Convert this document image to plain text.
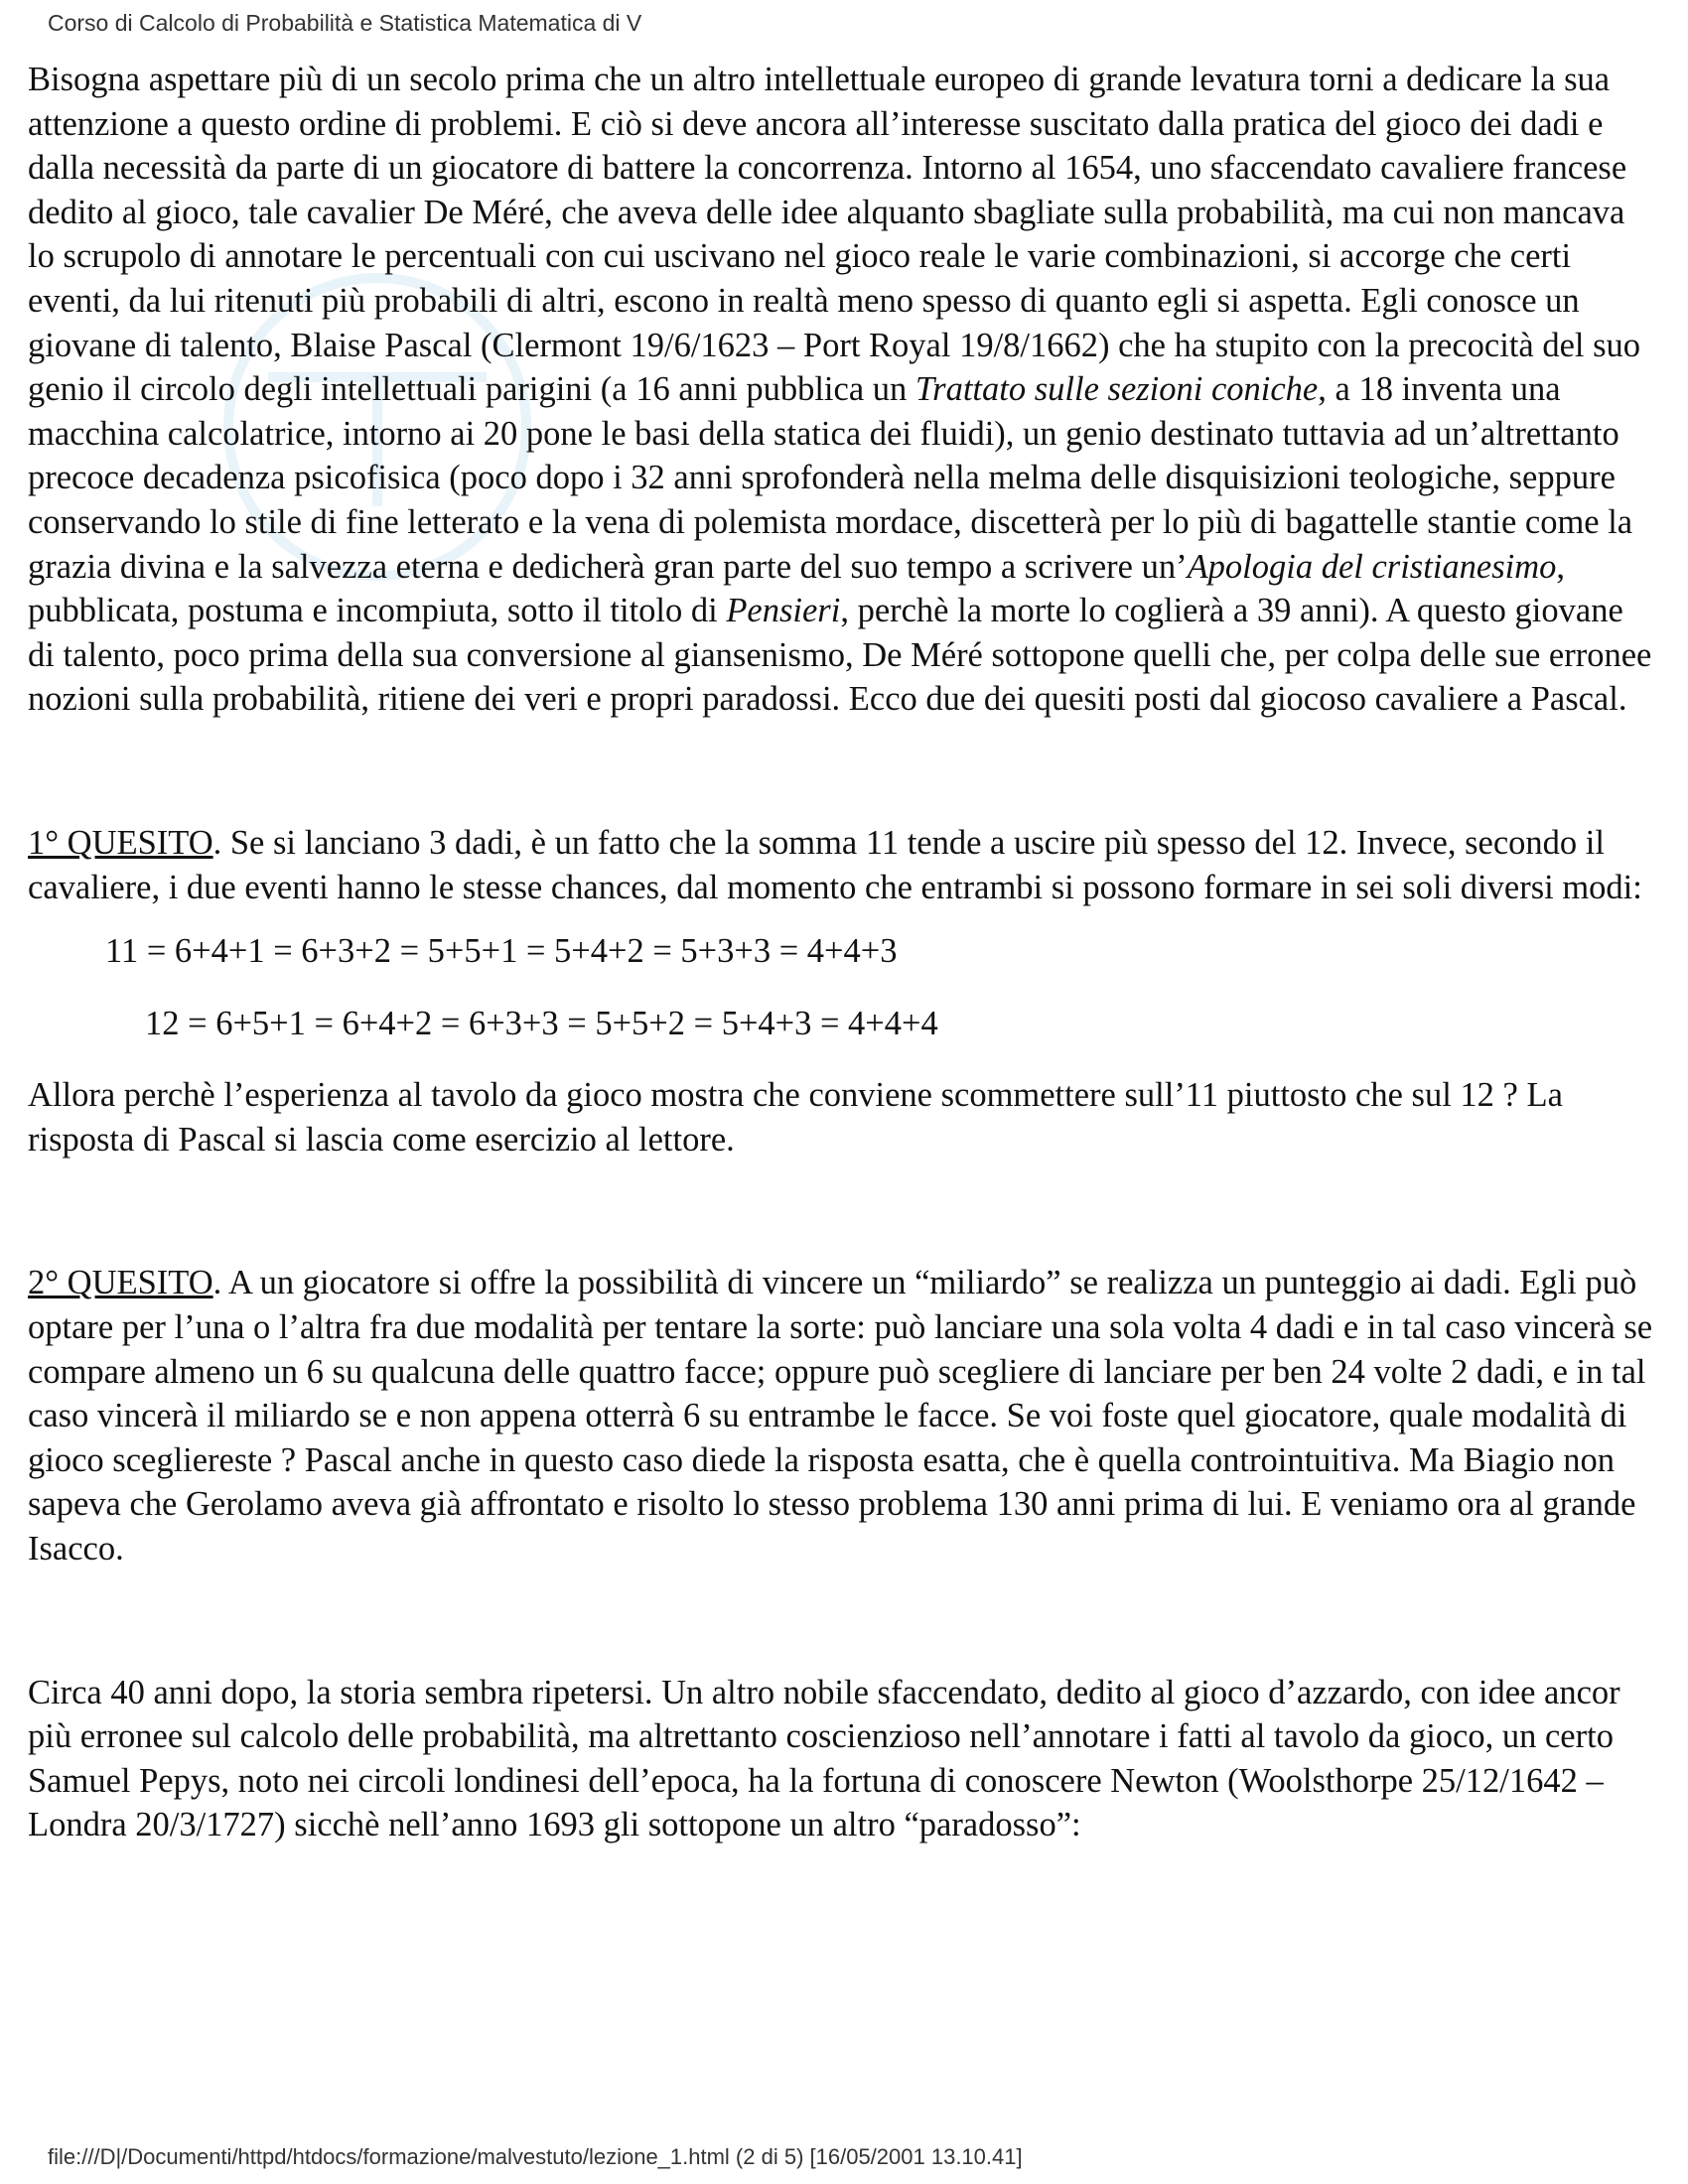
Corso di Calcolo di Probabilità e Statistica Matematica di V

Bisogna aspettare più di un secolo prima che un altro intellettuale europeo di grande levatura torni a dedicare la sua attenzione a questo ordine di problemi. E ciò si deve ancora all’interesse suscitato dalla pratica del gioco dei dadi e dalla necessità da parte di un giocatore di battere la concorrenza. Intorno al 1654, uno sfaccendato cavaliere francese dedito al gioco, tale cavalier De Méré, che aveva delle idee alquanto sbagliate sulla probabilità, ma cui non mancava lo scrupolo di annotare le percentuali con cui uscivano nel gioco reale le varie combinazioni, si accorge che certi eventi, da lui ritenuti più probabili di altri, escono in realtà meno spesso di quanto egli si aspetta. Egli conosce un giovane di talento, Blaise Pascal (Clermont 19/6/1623 – Port Royal 19/8/1662) che ha stupito con la precocità del suo genio il circolo degli intellettuali parigini (a 16 anni pubblica un Trattato sulle sezioni coniche, a 18 inventa una macchina calcolatrice, intorno ai 20 pone le basi della statica dei fluidi), un genio destinato tuttavia ad un’altrettanto precoce decadenza psicofisica (poco dopo i 32 anni sprofonderà nella melma delle disquisizioni teologiche, seppure conservando lo stile di fine letterato e la vena di polemista mordace, discetterà per lo più di bagattelle stantie come la grazia divina e la salvezza eterna e dedicherà gran parte del suo tempo a scrivere un’Apologia del cristianesimo, pubblicata, postuma e incompiuta, sotto il titolo di Pensieri, perchè la morte lo coglierà a 39 anni). A questo giovane di talento, poco prima della sua conversione al giansenismo, De Méré sottopone quelli che, per colpa delle sue erronee nozioni sulla probabilità, ritiene dei veri e propri paradossi. Ecco due dei quesiti posti dal giocoso cavaliere a Pascal.

1° QUESITO. Se si lanciano 3 dadi, è un fatto che la somma 11 tende a uscire più spesso del 12. Invece, secondo il cavaliere, i due eventi hanno le stesse chances, dal momento che entrambi si possono formare in sei soli diversi modi:

11 = 6+4+1 = 6+3+2 = 5+5+1 = 5+4+2 = 5+3+3 = 4+4+3

12 = 6+5+1 = 6+4+2 = 6+3+3 = 5+5+2 = 5+4+3 = 4+4+4

Allora perchè l’esperienza al tavolo da gioco mostra che conviene scommettere sull’11 piuttosto che sul 12 ? La risposta di Pascal si lascia come esercizio al lettore.

2° QUESITO. A un giocatore si offre la possibilità di vincere un “miliardo” se realizza un punteggio ai dadi. Egli può optare per l’una o l’altra fra due modalità per tentare la sorte: può lanciare una sola volta 4 dadi e in tal caso vincerà se compare almeno un 6 su qualcuna delle quattro facce; oppure può scegliere di lanciare per ben 24 volte 2 dadi, e in tal caso vincerà il miliardo se e non appena otterrà 6 su entrambe le facce. Se voi foste quel giocatore, quale modalità di gioco scegliereste ? Pascal anche in questo caso diede la risposta esatta, che è quella controintuitiva. Ma Biagio non sapeva che Gerolamo aveva già affrontato e risolto lo stesso problema 130 anni prima di lui. E veniamo ora al grande Isacco.

Circa 40 anni dopo, la storia sembra ripetersi. Un altro nobile sfaccendato, dedito al gioco d’azzardo, con idee ancor più erronee sul calcolo delle probabilità, ma altrettanto coscienzioso nell’annotare i fatti al tavolo da gioco, un certo Samuel Pepys, noto nei circoli londinesi dell’epoca, ha la fortuna di conoscere Newton (Woolsthorpe 25/12/1642 – Londra 20/3/1727) sicchè nell’anno 1693 gli sottopone un altro “paradosso”:

file:///D|/Documenti/httpd/htdocs/formazione/malvestuto/lezione_1.html (2 di 5) [16/05/2001 13.10.41]
